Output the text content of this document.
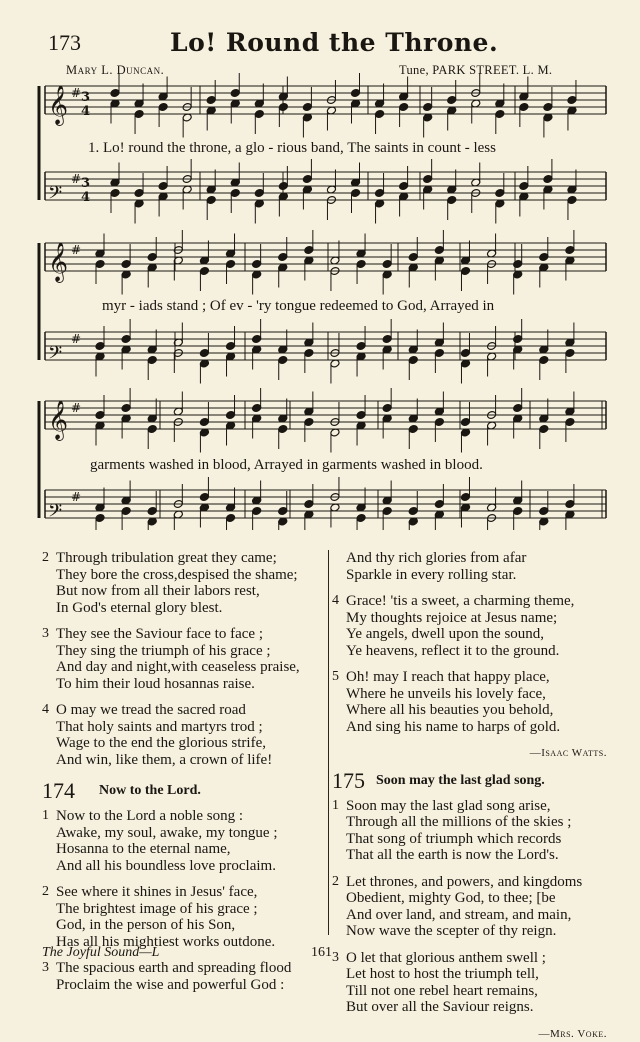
173	Lo! Round the Throne.
Mary L. Duncan.	Tune, PARK STREET. L. M.
𝄞 # 3
4
𝄢
# 3
4
𝄞 #
𝄢
#
𝄞 #
𝄢
#
1. Lo! round the throne, a glo - rious band, The saints in count - less
myr - iads stand ; Of ev - 'ry tongue redeemed to God, Arrayed in
garments washed in blood, Arrayed in garments washed in blood.
2 Through tribulation great they came;
They bore the cross,despised the shame;
But now from all their labors rest,
In God's eternal glory blest.
3 They see the Saviour face to face ;
They sing the triumph of his grace ;
And day and night,with ceaseless praise,
To him their loud hosannas raise.
4 O may we tread the sacred road
That holy saints and martyrs trod ;
Wage to the end the glorious strife,
And win, like them, a crown of life!
174 Now to the Lord.
1 Now to the Lord a noble song :
Awake, my soul, awake, my tongue ;
Hosanna to the eternal name,
And all his boundless love proclaim.
2 See where it shines in Jesus' face,
The brightest image of his grace ;
God, in the person of his Son,
Has all his mightiest works outdone.
3 The spacious earth and spreading flood
Proclaim the wise and powerful God :
And thy rich glories from afar
Sparkle in every rolling star.
4 Grace! 'tis a sweet, a charming theme,
My thoughts rejoice at Jesus name;
Ye angels, dwell upon the sound,
Ye heavens, reflect it to the ground.
5 Oh! may I reach that happy place,
Where he unveils his lovely face,
Where all his beauties you behold,
And sing his name to harps of gold.
—Isaac Watts.
175 Soon may the last glad song.
1 Soon may the last glad song arise,
Through all the millions of the skies ;
That song of triumph which records
That all the earth is now the Lord's.
2 Let thrones, and powers, and kingdoms
Obedient, mighty God, to thee; [be
And over land, and stream, and main,
Now wave the scepter of thy reign.
3 O let that glorious anthem swell ;
Let host to host the triumph tell,
Till not one rebel heart remains,
But over all the Saviour reigns.
—Mrs. Voke.
The Joyful Sound—L	161
